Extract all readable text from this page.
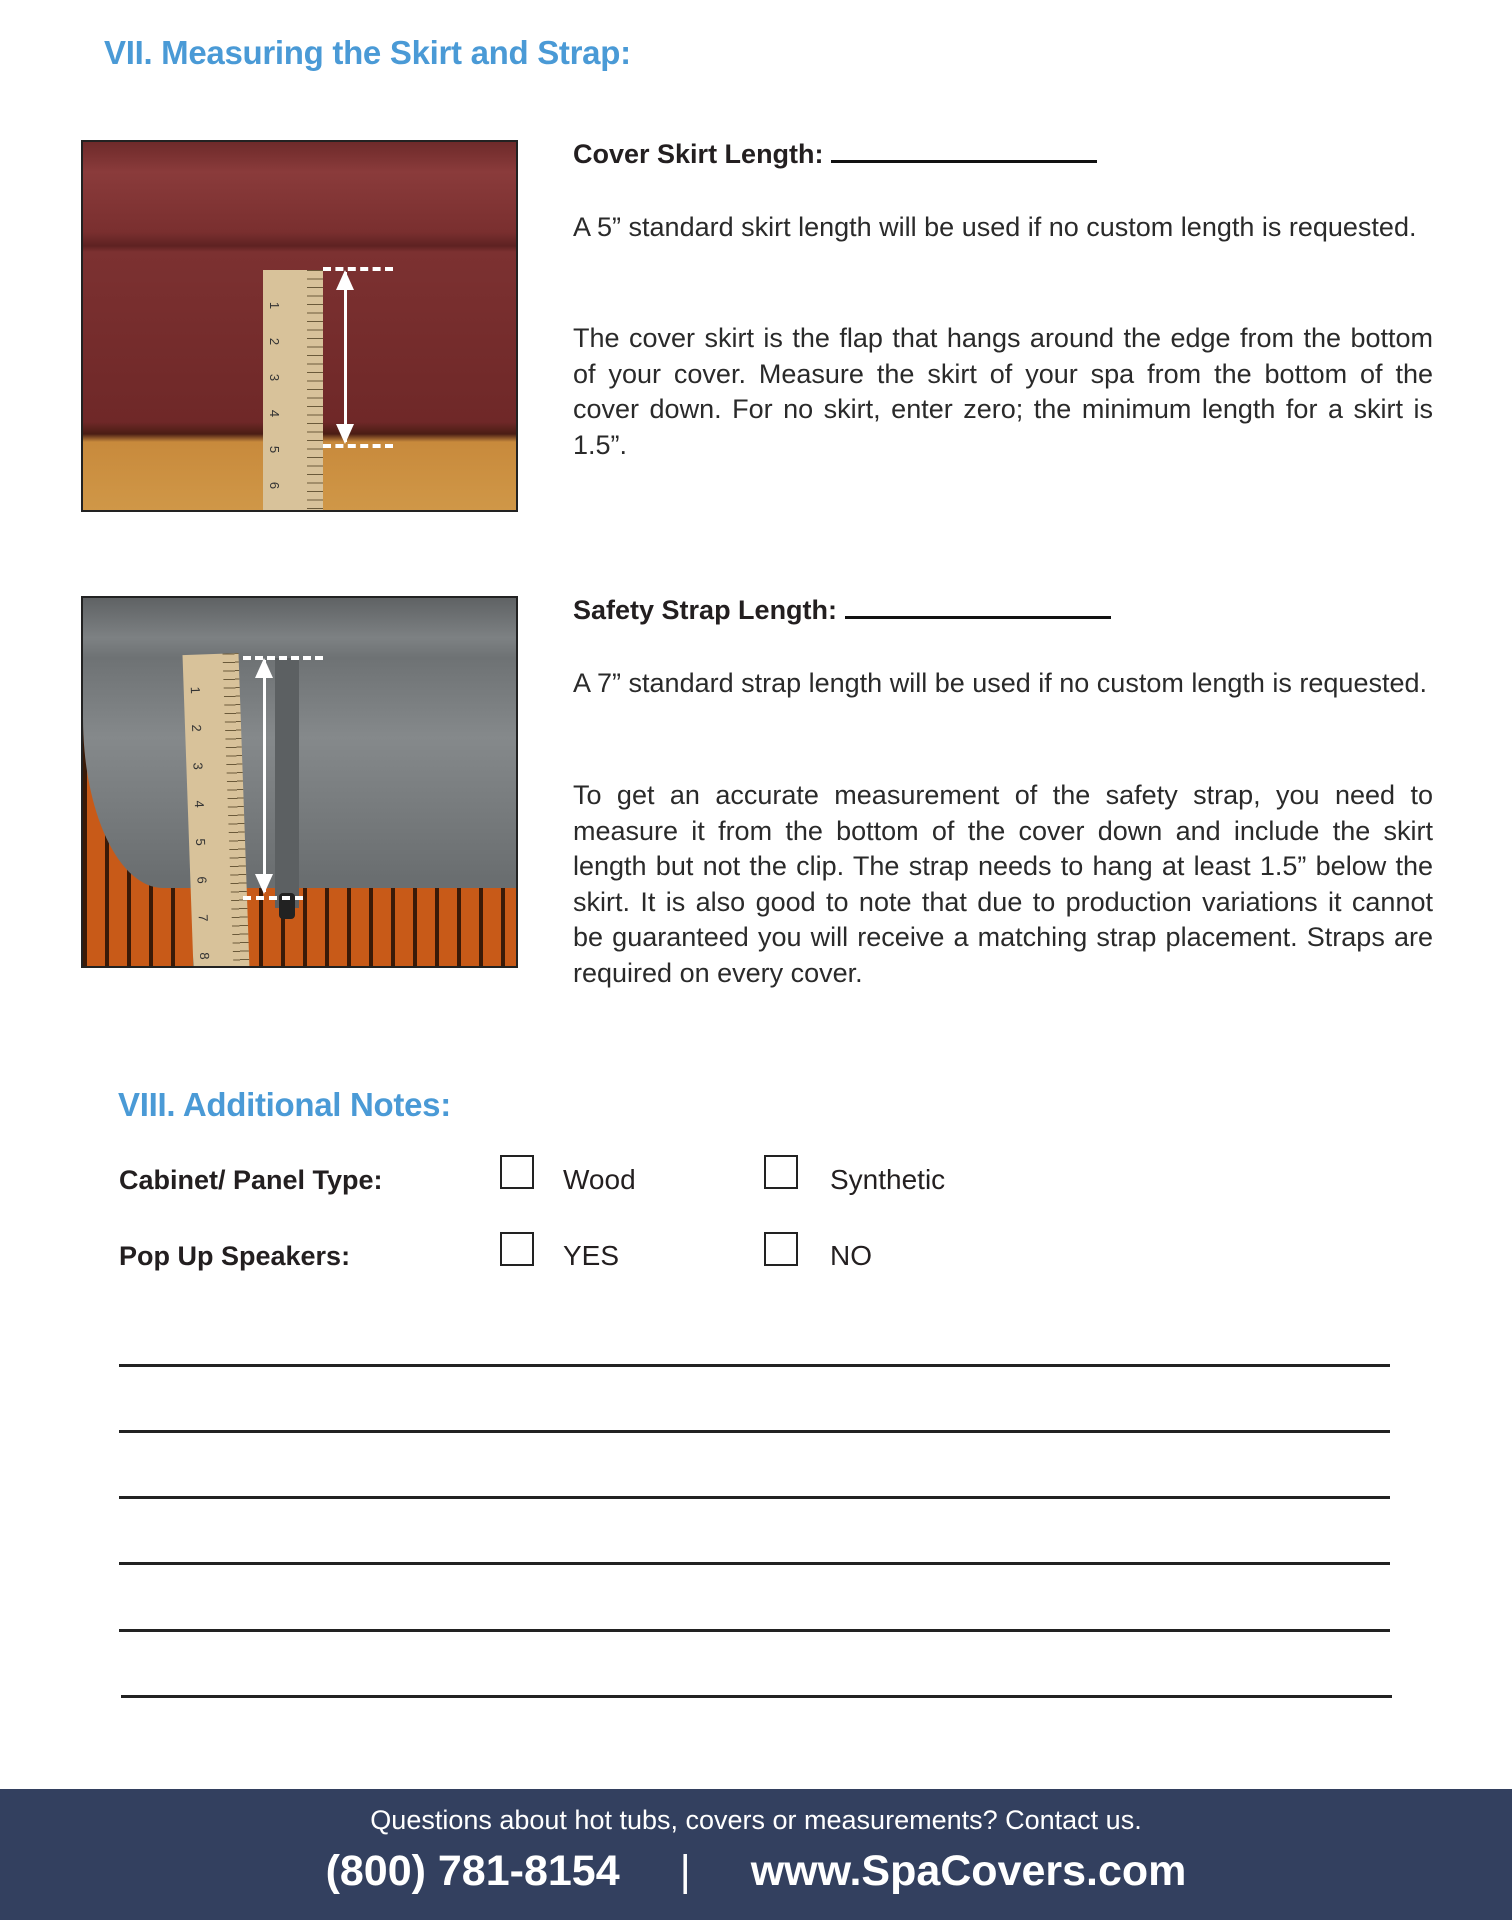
VII. Measuring the Skirt and Strap:
1
2
3
4
5
6
Cover Skirt Length:
A 5” standard skirt length will be used if no custom length is requested.
The cover skirt is the flap that hangs around the edge from the bottom of your cover. Measure the skirt of your spa from the bottom of the cover down. For no skirt, enter zero; the minimum length for a skirt is 1.5”.
1
2
3
4
5
6
7
8
Safety Strap Length:
A 7” standard strap length will be used if no custom length is requested.
To get an accurate measurement of the safety strap, you need to measure it from the bottom of the cover down and include the skirt length but not the clip. The strap needs to hang at least 1.5” below the skirt. It is also good to note that due to production variations it cannot be guaranteed you will receive a matching strap placement. Straps are required on every cover.
VIII. Additional Notes:
Cabinet/ Panel Type:	Wood	Synthetic
Pop Up Speakers:	YES	NO
Questions about hot tubs, covers or measurements? Contact us.
(800) 781-8154 | www.SpaCovers.com
